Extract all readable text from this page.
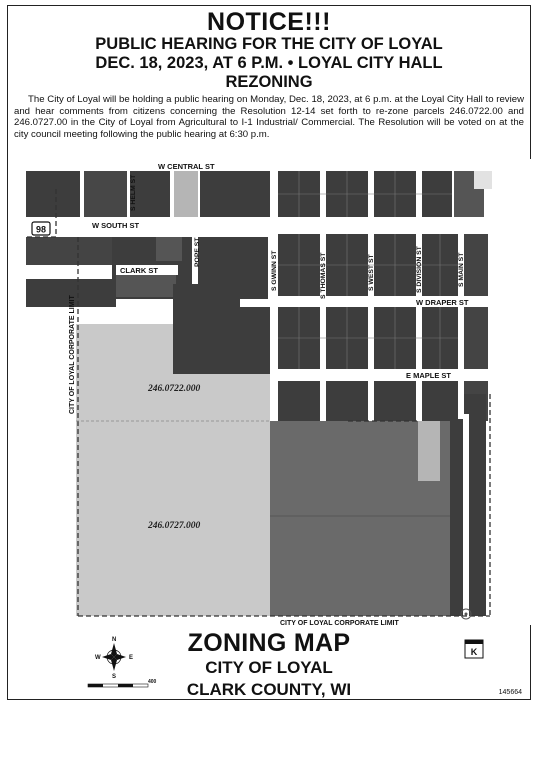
NOTICE!!!
PUBLIC HEARING FOR THE CITY OF LOYAL
DEC. 18, 2023, AT 6 P.M. • LOYAL CITY HALL
REZONING
The City of Loyal will be holding a public hearing on Monday, Dec. 18, 2023, at 6 p.m. at the Loyal City Hall to review and hear comments from citizens concerning the Resolution 12-14 set forth to re-zone parcels 246.0722.00 and 246.0727.00 in the City of Loyal from Agricultural to I-1 Industrial/ Commercial. The Resolution will be voted on at the city council meeting following the public hearing at 6:30 p.m.
98
W CENTRAL ST
W SOUTH ST
CLARK ST
W DRAPER ST
E MAPLE ST
S HELM ST
POPE ST	S GWINN ST	S THOMAS ST	S WEST ST	S DIVISION ST	S MAIN ST
CITY OF LOYAL CORPORATE LIMIT
CITY OF LOYAL CORPORATE LIMIT
246.0722.000
246.0727.000
N
W	E
S
400
K
ZONING MAP
CITY OF LOYAL
CLARK COUNTY, WI	145664
